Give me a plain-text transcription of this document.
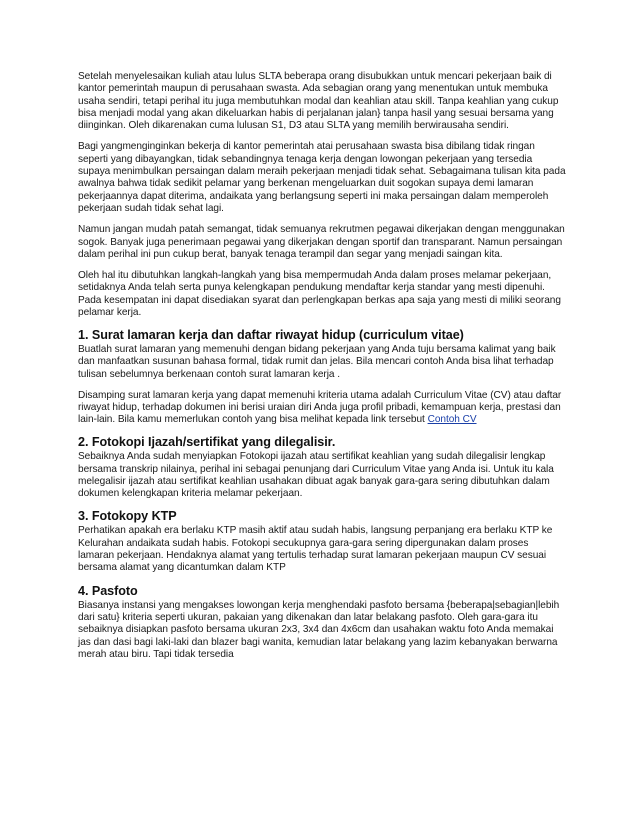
Setelah menyelesaikan kuliah atau lulus SLTA beberapa orang disubukkan untuk mencari pekerjaan baik di kantor pemerintah maupun di perusahaan swasta. Ada sebagian orang yang menentukan untuk membuka usaha sendiri, tetapi perihal itu juga membutuhkan modal dan keahlian atau skill. Tanpa keahlian yang cukup bisa menjadi modal yang akan dikeluarkan habis di perjalanan jalan} tanpa hasil yang sesuai bersama yang diinginkan. Oleh dikarenakan cuma lulusan S1, D3 atau SLTA yang memilih berwirausaha sendiri.

Bagi yangmenginginkan bekerja di kantor pemerintah atai perusahaan swasta bisa dibilang tidak ringan seperti yang dibayangkan, tidak sebandingnya tenaga kerja dengan lowongan pekerjaan yang tersedia supaya menimbulkan persaingan dalam meraih pekerjaan menjadi tidak sehat. Sebagaimana tulisan kita pada awalnya bahwa tidak sedikit pelamar yang berkenan mengeluarkan duit sogokan supaya demi lamaran pekerjaannya dapat diterima, andaikata yang berlangsung seperti ini maka persaingan dalam memperoleh pekerjaan sudah tidak sehat lagi.

Namun jangan mudah patah semangat, tidak semuanya rekrutmen pegawai dikerjakan dengan menggunakan sogok. Banyak juga penerimaan pegawai yang dikerjakan dengan sportif dan transparant. Namun persaingan dalam perihal ini pun cukup berat, banyak tenaga terampil dan segar yang menjadi saingan kita.

Oleh hal itu dibutuhkan langkah-langkah yang bisa mempermudah Anda dalam proses melamar pekerjaan, setidaknya Anda telah serta punya kelengkapan pendukung mendaftar kerja standar yang mesti dipenuhi. Pada kesempatan ini dapat disediakan syarat dan perlengkapan berkas apa saja yang mesti di miliki seorang pelamar kerja.

1. Surat lamaran kerja dan daftar riwayat hidup (curriculum vitae)

Buatlah surat lamaran yang memenuhi dengan bidang pekerjaan yang Anda tuju bersama kalimat yang baik dan manfaatkan susunan bahasa formal, tidak rumit dan jelas. Bila mencari contoh Anda bisa lihat terhadap tulisan sebelumnya berkenaan contoh surat lamaran kerja .

Disamping surat lamaran kerja yang dapat memenuhi kriteria utama adalah Curriculum Vitae (CV) atau daftar riwayat hidup, terhadap dokumen ini berisi uraian diri Anda juga profil pribadi, kemampuan kerja, prestasi dan lain-lain. Bila kamu memerlukan contoh yang bisa melihat kepada link tersebut Contoh CV

2. Fotokopi Ijazah/sertifikat yang dilegalisir.

Sebaiknya Anda sudah menyiapkan Fotokopi ijazah atau sertifikat keahlian yang sudah dilegalisir lengkap bersama transkrip nilainya, perihal ini sebagai penunjang dari Curriculum Vitae yang Anda isi. Untuk itu kala melegalisir ijazah atau sertifikat keahlian usahakan dibuat agak banyak gara-gara sering dibutuhkan dalam dokumen kelengkapan kriteria melamar pekerjaan.

3. Fotokopy KTP

Perhatikan apakah era berlaku KTP masih aktif atau sudah habis, langsung perpanjang era berlaku KTP ke Kelurahan andaikata sudah habis. Fotokopi secukupnya gara-gara sering dipergunakan dalam proses lamaran pekerjaan. Hendaknya alamat yang tertulis terhadap surat lamaran pekerjaan maupun CV sesuai bersama alamat yang dicantumkan dalam KTP

4. Pasfoto

Biasanya instansi yang mengakses lowongan kerja menghendaki pasfoto bersama {beberapa|sebagian|lebih dari satu} kriteria seperti ukuran, pakaian yang dikenakan dan latar belakang pasfoto. Oleh gara-gara itu sebaiknya disiapkan pasfoto bersama ukuran 2x3, 3x4 dan 4x6cm dan usahakan waktu foto Anda memakai jas dan dasi bagi laki-laki dan blazer bagi wanita, kemudian latar belakang yang lazim kebanyakan berwarna merah atau biru. Tapi tidak tersedia
